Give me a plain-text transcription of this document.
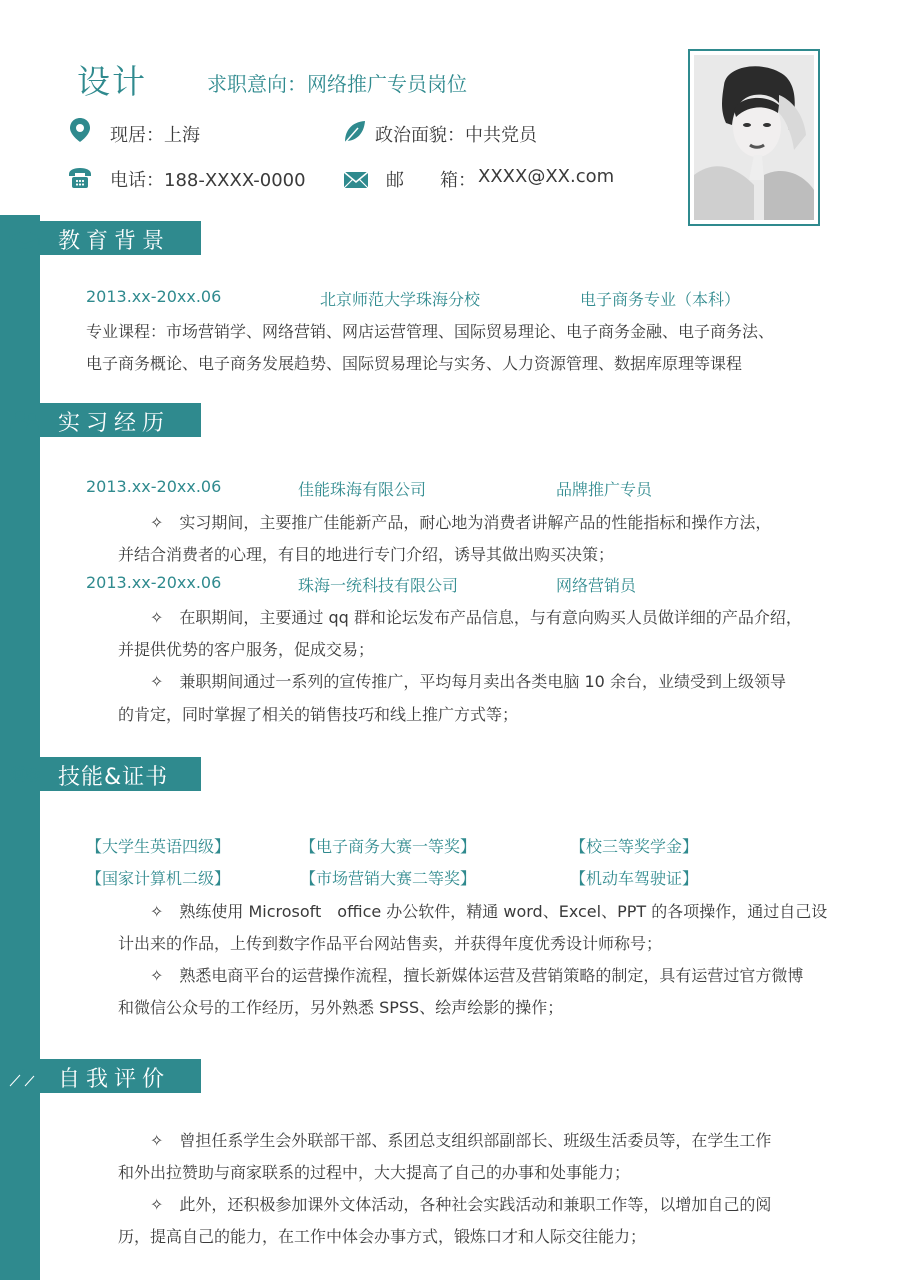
设计	求职意向：网络推广专员岗位
现居：上海	政治面貌：中共党员
电话：188-XXXX-0000	邮　　箱： XXXX@XX.com
教育背景
2013.xx-20xx.06	北京师范大学珠海分校	电子商务专业（本科）
专业课程：市场营销学、网络营销、网店运营管理、国际贸易理论、电子商务金融、电子商务法、
电子商务概论、电子商务发展趋势、国际贸易理论与实务、人力资源管理、数据库原理等课程
实习经历
2013.xx-20xx.06	佳能珠海有限公司	品牌推广专员
✧　实习期间，主要推广佳能新产品，耐心地为消费者讲解产品的性能指标和操作方法，
并结合消费者的心理，有目的地进行专门介绍，诱导其做出购买决策；
2013.xx-20xx.06	珠海一统科技有限公司	网络营销员
✧　在职期间，主要通过 qq 群和论坛发布产品信息，与有意向购买人员做详细的产品介绍，
并提供优势的客户服务，促成交易；
✧　兼职期间通过一系列的宣传推广，平均每月卖出各类电脑 10 余台，业绩受到上级领导
的肯定，同时掌握了相关的销售技巧和线上推广方式等；
技能&证书
【大学生英语四级】	【电子商务大赛一等奖】	【校三等奖学金】
【国家计算机二级】	【市场营销大赛二等奖】	【机动车驾驶证】
✧　熟练使用 Microsoft　office 办公软件，精通 word、Excel、PPT 的各项操作，通过自己设
计出来的作品，上传到数字作品平台网站售卖，并获得年度优秀设计师称号；
✧　熟悉电商平台的运营操作流程，擅长新媒体运营及营销策略的制定，具有运营过官方微博
和微信公众号的工作经历，另外熟悉 SPSS、绘声绘影的操作；
自我评价
✧　曾担任系学生会外联部干部、系团总支组织部副部长、班级生活委员等，在学生工作
和外出拉赞助与商家联系的过程中，大大提高了自己的办事和处事能力；
✧　此外，还积极参加课外文体活动，各种社会实践活动和兼职工作等，以增加自己的阅
历，提高自己的能力，在工作中体会办事方式，锻炼口才和人际交往能力；
